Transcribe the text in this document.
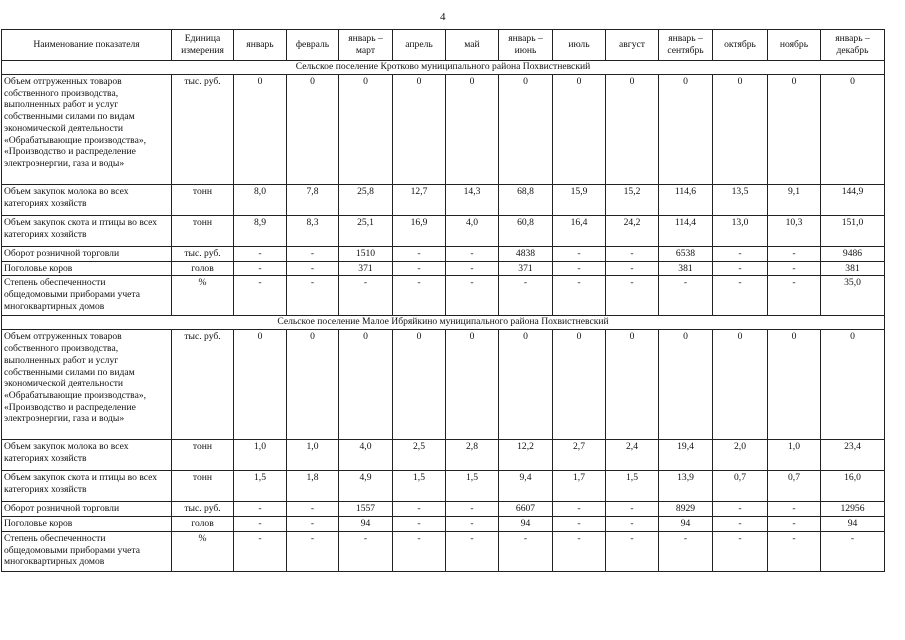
4
Наименование показателя	Единица измерения	январь	февраль	январь – март	апрель	май	январь – июнь	июль	август	январь – сентябрь	октябрь	ноябрь	январь – декабрь
Сельское поселение Кротково муниципального района Похвистневский													
Объем отгруженных товаров собственного производства, выполненных работ и услуг собственными силами по видам экономической деятельности «Обрабатывающие производства», «Производство и распределение электроэнергии, газа и воды»	тыс. руб.	0	0	0	0	0	0	0	0	0	0	0	0
Объем закупок молока во всех категориях хозяйств	тонн	8,0	7,8	25,8	12,7	14,3	68,8	15,9	15,2	114,6	13,5	9,1	144,9
Объем закупок скота и птицы во всех категориях хозяйств	тонн	8,9	8,3	25,1	16,9	4,0	60,8	16,4	24,2	114,4	13,0	10,3	151,0
Оборот розничной торговли	тыс. руб.	-	-	1510	-	-	4838	-	-	6538	-	-	9486
Поголовье коров	голов	-	-	371	-	-	371	-	-	381	-	-	381
Степень обеспеченности общедомовыми приборами учета многоквартирных домов	%	-	-	-	-	-	-	-	-	-	-	-	35,0
Сельское поселение Малое Ибряйкино муниципального района Похвистневский													
Объем отгруженных товаров собственного производства, выполненных работ и услуг собственными силами по видам экономической деятельности «Обрабатывающие производства», «Производство и распределение электроэнергии, газа и воды»	тыс. руб.	0	0	0	0	0	0	0	0	0	0	0	0
Объем закупок молока во всех категориях хозяйств	тонн	1,0	1,0	4,0	2,5	2,8	12,2	2,7	2,4	19,4	2,0	1,0	23,4
Объем закупок скота и птицы во всех категориях хозяйств	тонн	1,5	1,8	4,9	1,5	1,5	9,4	1,7	1,5	13,9	0,7	0,7	16,0
Оборот розничной торговли	тыс. руб.	-	-	1557	-	-	6607	-	-	8929	-	-	12956
Поголовье коров	голов	-	-	94	-	-	94	-	-	94	-	-	94
Степень обеспеченности общедомовыми приборами учета многоквартирных домов	%	-	-	-	-	-	-	-	-	-	-	-	-
